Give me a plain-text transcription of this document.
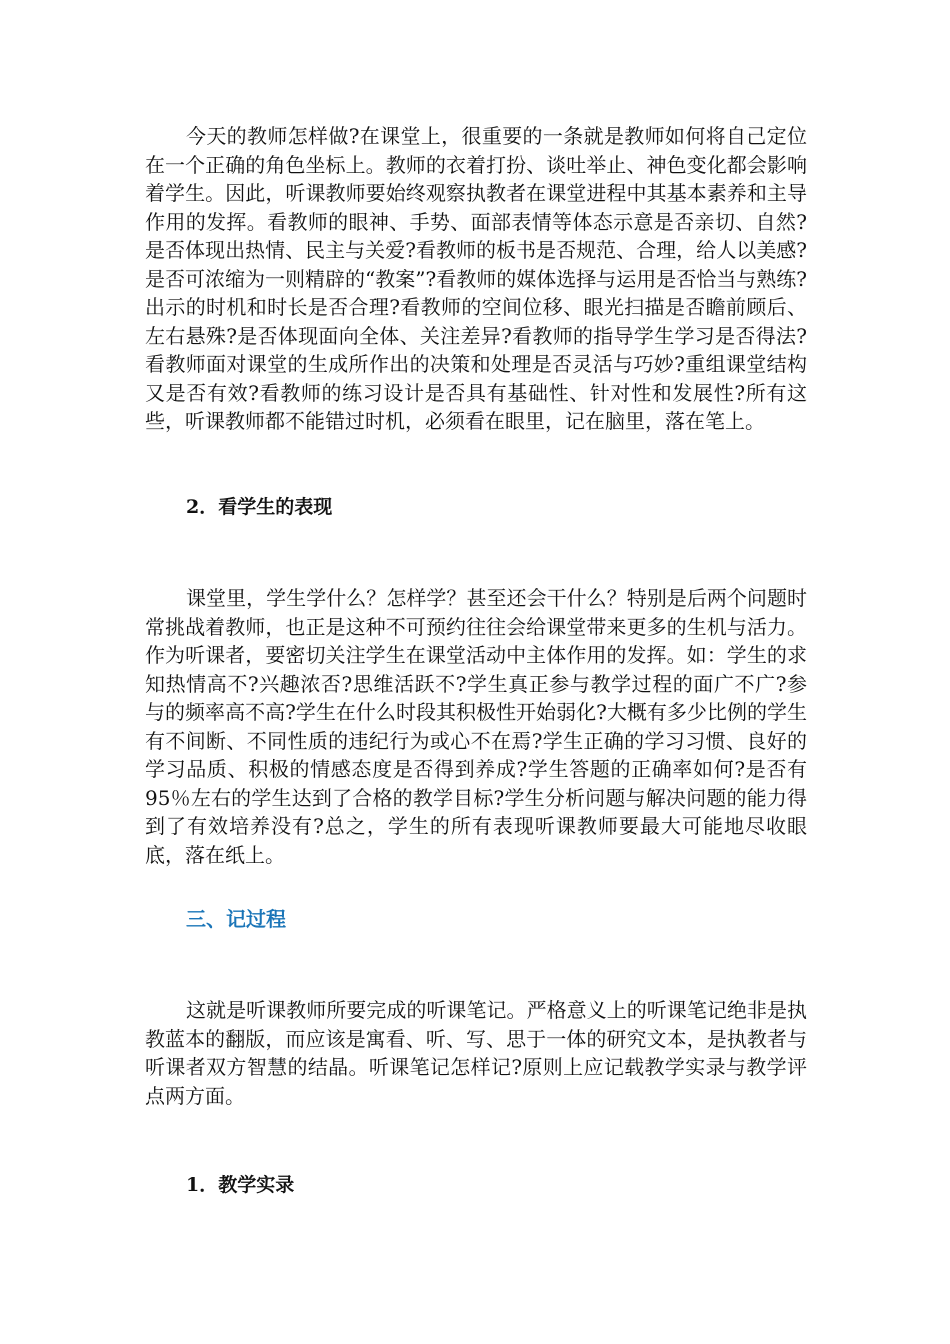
今天的教师怎样做?在课堂上，很重要的一条就是教师如何将自己定位在一个正确的角色坐标上。教师的衣着打扮、谈吐举止、神色变化都会影响着学生。因此，听课教师要始终观察执教者在课堂进程中其基本素养和主导作用的发挥。看教师的眼神、手势、面部表情等体态示意是否亲切、自然?是否体现出热情、民主与关爱?看教师的板书是否规范、合理，给人以美感?是否可浓缩为一则精辟的“教案”?看教师的媒体选择与运用是否恰当与熟练?出示的时机和时长是否合理?看教师的空间位移、眼光扫描是否瞻前顾后、左右悬殊?是否体现面向全体、关注差异?看教师的指导学生学习是否得法?看教师面对课堂的生成所作出的决策和处理是否灵活与巧妙?重组课堂结构又是否有效?看教师的练习设计是否具有基础性、针对性和发展性?所有这些，听课教师都不能错过时机，必须看在眼里，记在脑里，落在笔上。

2．看学生的表现

课堂里，学生学什么？怎样学？甚至还会干什么？特别是后两个问题时常挑战着教师，也正是这种不可预约往往会给课堂带来更多的生机与活力。作为听课者，要密切关注学生在课堂活动中主体作用的发挥。如：学生的求知热情高不?兴趣浓否?思维活跃不?学生真正参与教学过程的面广不广?参与的频率高不高?学生在什么时段其积极性开始弱化?大概有多少比例的学生有不间断、不同性质的违纪行为或心不在焉?学生正确的学习习惯、良好的学习品质、积极的情感态度是否得到养成?学生答题的正确率如何?是否有95％左右的学生达到了合格的教学目标?学生分析问题与解决问题的能力得到了有效培养没有?总之，学生的所有表现听课教师要最大可能地尽收眼底，落在纸上。

三、记过程

这就是听课教师所要完成的听课笔记。严格意义上的听课笔记绝非是执教蓝本的翻版，而应该是寓看、听、写、思于一体的研究文本，是执教者与听课者双方智慧的结晶。听课笔记怎样记?原则上应记载教学实录与教学评点两方面。

1．教学实录
